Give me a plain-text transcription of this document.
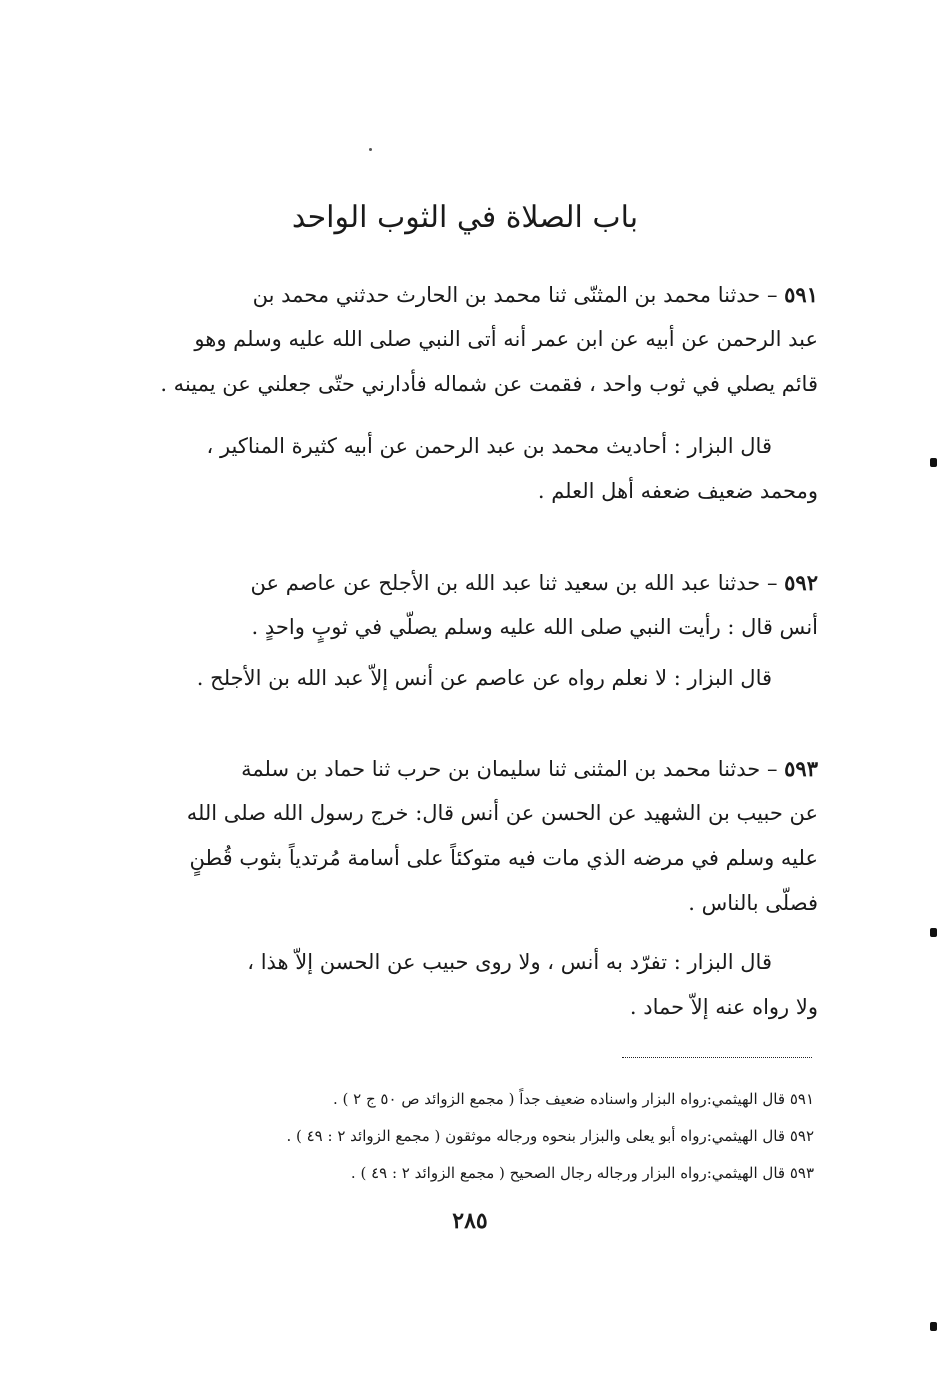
باب الصلاة في الثوب الواحد
٥٩١ – حدثنا محمد بن المثنّى ثنا محمد بن الحارث حدثني محمد بن
عبد الرحمن عن أبيه عن ابن عمر أنه أتى النبي صلى الله عليه وسلم وهو
قائم يصلي في ثوب واحد ، فقمت عن شماله فأدارني حتّى جعلني عن يمينه .
قال البزار : أحاديث محمد بن عبد الرحمن عن أبيه كثيرة المناكير ،
ومحمد ضعيف ضعفه أهل العلم .
٥٩٢ – حدثنا عبد الله بن سعيد ثنا عبد الله بن الأجلح عن عاصم عن
أنس قال : رأيت النبي صلى الله عليه وسلم يصلّي في ثوبٍ واحدٍ .
قال البزار : لا نعلم رواه عن عاصم عن أنس إلاّ عبد الله بن الأجلح .
٥٩٣ – حدثنا محمد بن المثنى ثنا سليمان بن حرب ثنا حماد بن سلمة
عن حبيب بن الشهيد عن الحسن عن أنس قال: خرج رسول الله صلى الله
عليه وسلم في مرضه الذي مات فيه متوكئاً على أسامة مُرتدياً بثوب قُطنٍ
فصلّى بالناس .
قال البزار : تفرّد به أنس ، ولا روى حبيب عن الحسن إلاّ هذا ،
ولا رواه عنه إلاّ حماد .
٥٩١ قال الهيثمي:رواه البزار واسناده ضعيف جداً ( مجمع الزوائد ص ٥٠ ج ٢ ) .
٥٩٢ قال الهيثمي:رواه أبو يعلى والبزار بنحوه ورجاله موثقون ( مجمع الزوائد ٢ : ٤٩ ) .
٥٩٣ قال الهيثمي:رواه البزار ورجاله رجال الصحيح ( مجمع الزوائد ٢ : ٤٩ ) .
٢٨٥
